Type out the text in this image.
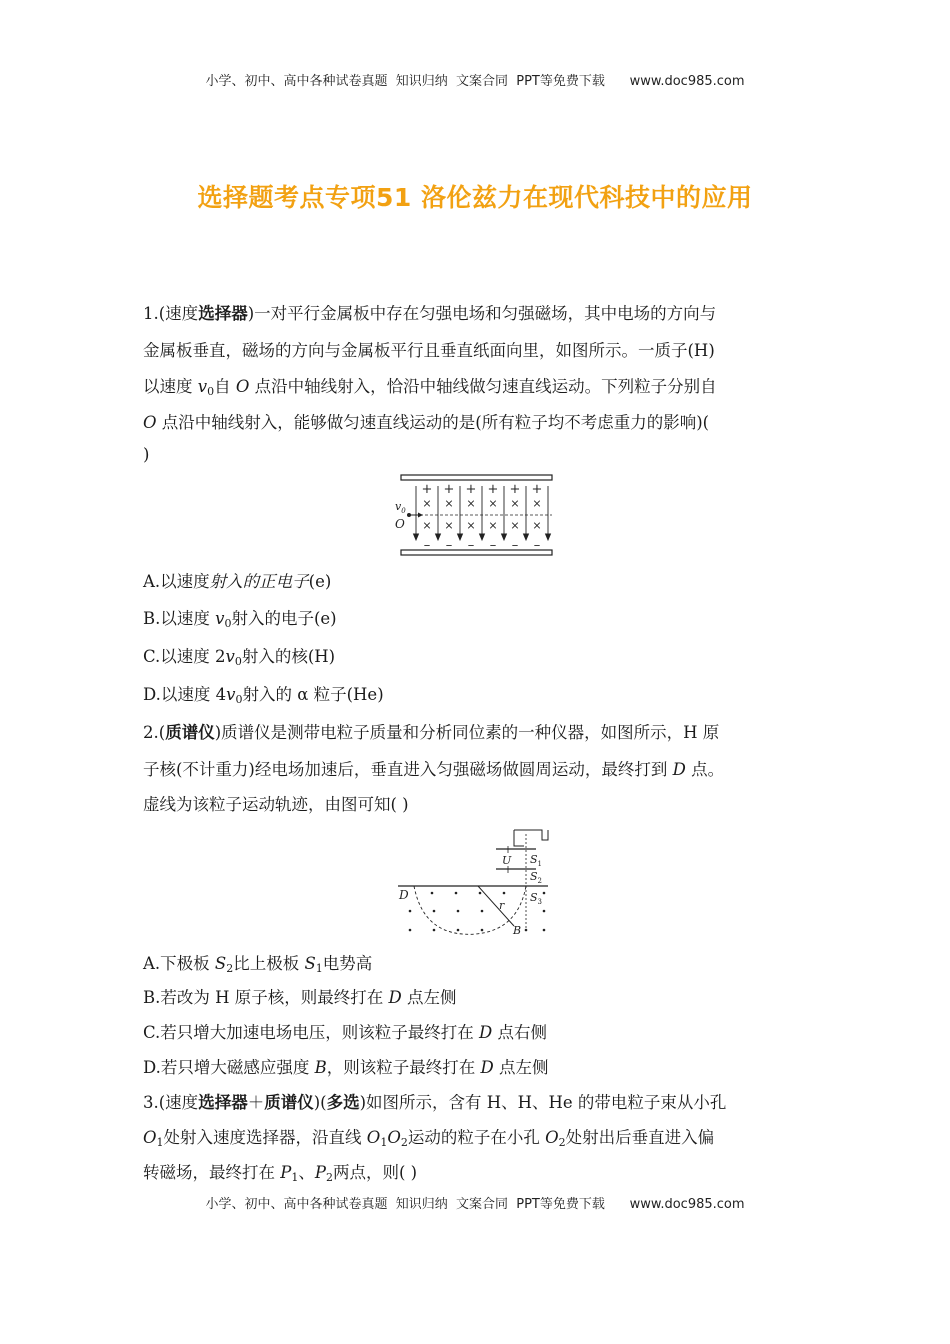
小学、初中、高中各种试卷真题  知识归纳  文案合同  PPT等免费下载      www.doc985.com
选择题考点专项51 洛伦兹力在现代科技中的应用
1.(速度选择器)一对平行金属板中存在匀强电场和匀强磁场，其中电场的方向与
金属板垂直，磁场的方向与金属板平行且垂直纸面向里，如图所示。一质子(H)
以速度 $v_0$自 O 点沿中轴线射入，恰沿中轴线做匀速直线运动。下列粒子分别自
O 点沿中轴线射入，能够做匀速直线运动的是(所有粒子均不考虑重力的影响)(
)
+ + + + + +
– – – – – –
× × × × × ×
× × × × × ×
$v_0$
O
A.以速度射入的正电子(e)
B.以速度 $v_0$射入的电子(e)
C.以速度 $2v_0$射入的核(H)
D.以速度 $4v_0$射入的 α 粒子(He)
2.(质谱仪)质谱仪是测带电粒子质量和分析同位素的一种仪器，如图所示，H 原
子核(不计重力)经电场加速后，垂直进入匀强磁场做圆周运动，最终打到 D 点。
虚线为该粒子运动轨迹，由图可知( )
U $S_1$
$S_2$
D	$S_3$
r
B
A.下极板 $S_2$比上极板 $S_1$电势高
B.若改为 H 原子核，则最终打在 D 点左侧
C.若只增大加速电场电压，则该粒子最终打在 D 点右侧
D.若只增大磁感应强度 B，则该粒子最终打在 D 点左侧
3.(速度选择器＋质谱仪)(多选)如图所示，含有 H、H、He 的带电粒子束从小孔
$O_1$处射入速度选择器，沿直线 $O_1O_2$运动的粒子在小孔 $O_2$处射出后垂直进入偏
转磁场，最终打在 $P_1$、$P_2$两点，则( )
小学、初中、高中各种试卷真题  知识归纳  文案合同  PPT等免费下载      www.doc985.com
